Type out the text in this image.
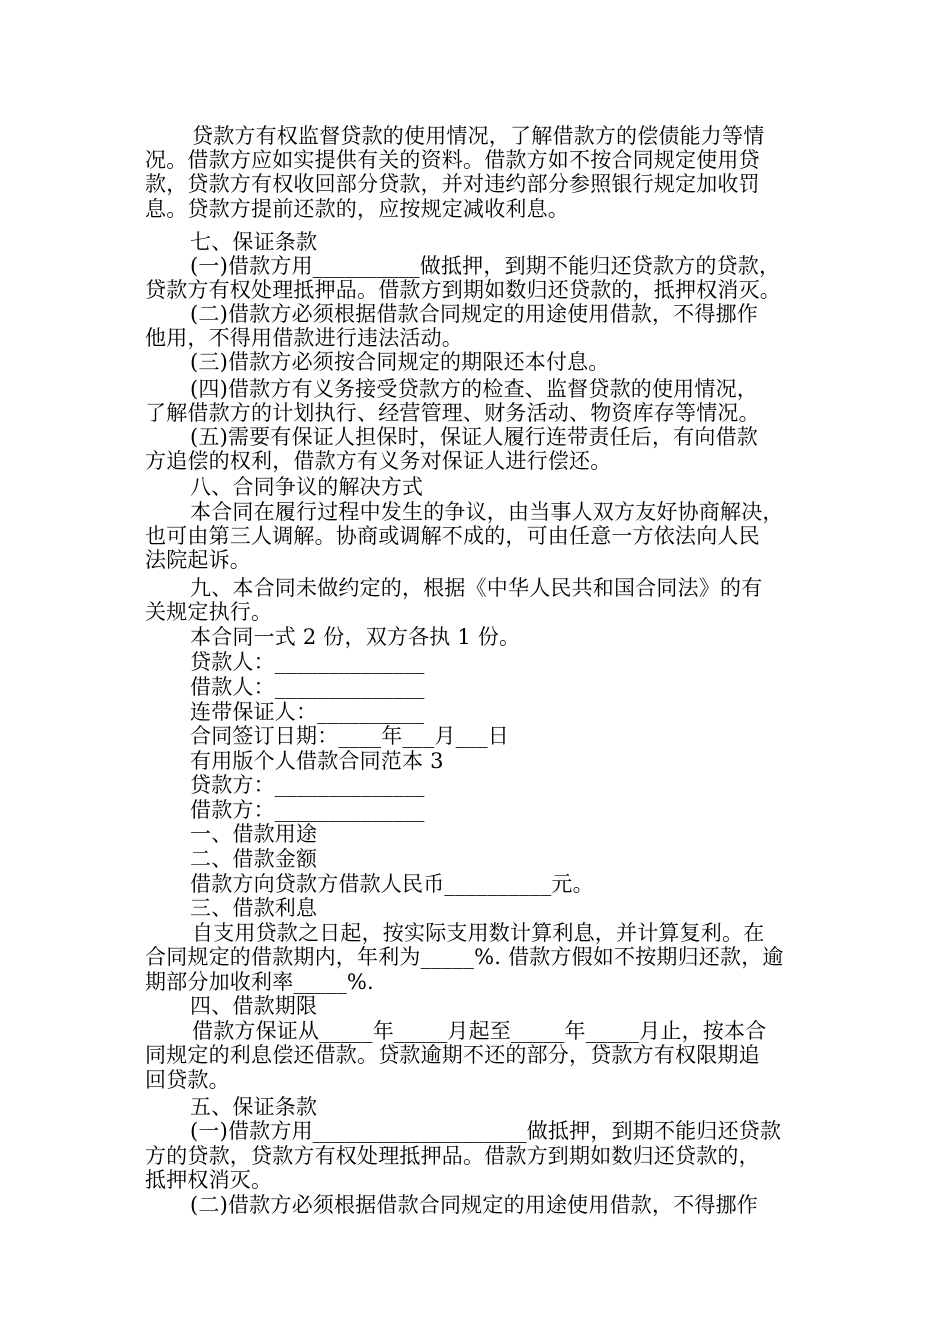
贷款方有权监督贷款的使用情况，了解借款方的偿债能力等情
况。借款方应如实提供有关的资料。借款方如不按合同规定使用贷
款，贷款方有权收回部分贷款，并对违约部分参照银行规定加收罚
息。贷款方提前还款的，应按规定减收利息。
七、保证条款
(一)借款方用__________做抵押，到期不能归还贷款方的贷款，
贷款方有权处理抵押品。借款方到期如数归还贷款的，抵押权消灭。
(二)借款方必须根据借款合同规定的用途使用借款，不得挪作
他用，不得用借款进行违法活动。
(三)借款方必须按合同规定的期限还本付息。
(四)借款方有义务接受贷款方的检查、监督贷款的使用情况，
了解借款方的计划执行、经营管理、财务活动、物资库存等情况。
(五)需要有保证人担保时，保证人履行连带责任后，有向借款
方追偿的权利，借款方有义务对保证人进行偿还。
八、合同争议的解决方式
本合同在履行过程中发生的争议，由当事人双方友好协商解决，
也可由第三人调解。协商或调解不成的，可由任意一方依法向人民
法院起诉。
九、本合同未做约定的，根据《中华人民共和国合同法》的有
关规定执行。
本合同一式 2 份，双方各执 1 份。
贷款人：______________
借款人：______________
连带保证人：__________
合同签订日期：____年___月___日
有用版个人借款合同范本 3
贷款方：______________
借款方：______________
一、借款用途
二、借款金额
借款方向贷款方借款人民币__________元。
三、借款利息
自支用贷款之日起，按实际支用数计算利息，并计算复利。在
合同规定的借款期内，年利为_____%. 借款方假如不按期归还款，逾
期部分加收利率_____%.
四、借款期限
借款方保证从_____年_____月起至_____年_____月止，按本合
同规定的利息偿还借款。贷款逾期不还的部分，贷款方有权限期追
回贷款。
五、保证条款
(一)借款方用____________________做抵押，到期不能归还贷款
方的贷款，贷款方有权处理抵押品。借款方到期如数归还贷款的，
抵押权消灭。
(二)借款方必须根据借款合同规定的用途使用借款，不得挪作
